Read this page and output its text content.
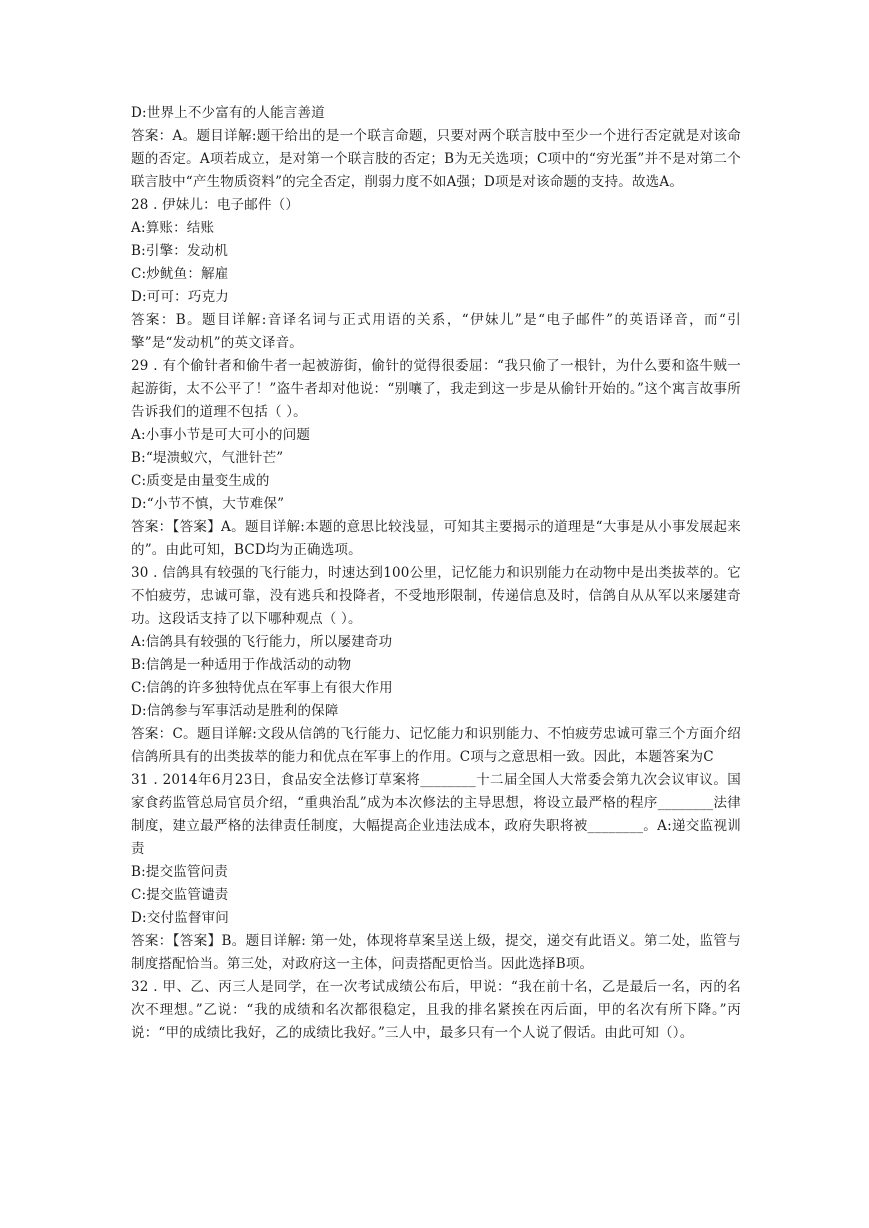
D:世界上不少富有的人能言善道

答案：A。题目详解:题干给出的是一个联言命题，只要对两个联言肢中至少一个进行否定就是对该命题的否定。A项若成立，是对第一个联言肢的否定；B为无关选项；C项中的“穷光蛋”并不是对第二个联言肢中“产生物质资料”的完全否定，削弱力度不如A强；D项是对该命题的支持。故选A。

28 . 伊妹儿：电子邮件（）

A:算账：结账

B:引擎：发动机

C:炒鱿鱼：解雇

D:可可：巧克力

答案：B。题目详解:音译名词与正式用语的关系，“伊妹儿”是“电子邮件”的英语译音，而“引擎”是“发动机”的英文译音。

29 . 有个偷针者和偷牛者一起被游街，偷针的觉得很委屈：“我只偷了一根针，为什么要和盗牛贼一起游街，太不公平了！”盗牛者却对他说：“别嚷了，我走到这一步是从偷针开始的。”这个寓言故事所告诉我们的道理不包括（ ）。

A:小事小节是可大可小的问题

B:“堤溃蚁穴，气泄针芒”

C:质变是由量变生成的

D:“小节不慎，大节难保”

答案：【答案】A。题目详解:本题的意思比较浅显，可知其主要揭示的道理是“大事是从小事发展起来的”。由此可知，BCD均为正确选项。

30 . 信鸽具有较强的飞行能力，时速达到100公里，记忆能力和识别能力在动物中是出类拔萃的。它不怕疲劳，忠诚可靠，没有逃兵和投降者，不受地形限制，传递信息及时，信鸽自从从军以来屡建奇功。这段话支持了以下哪种观点（ ）。

A:信鸽具有较强的飞行能力，所以屡建奇功

B:信鸽是一种适用于作战活动的动物

C:信鸽的许多独特优点在军事上有很大作用

D:信鸽参与军事活动是胜利的保障

答案：C。题目详解:文段从信鸽的飞行能力、记忆能力和识别能力、不怕疲劳忠诚可靠三个方面介绍信鸽所具有的出类拔萃的能力和优点在军事上的作用。C项与之意思相一致。因此，本题答案为C

31 . 2014年6月23日，食品安全法修订草案将________十二届全国人大常委会第九次会议审议。国家食药监管总局官员介绍，“重典治乱”成为本次修法的主导思想，将设立最严格的程序________法律制度，建立最严格的法律责任制度，大幅提高企业违法成本，政府失职将被________。A:递交监视训责

B:提交监管问责

C:提交监管谴责

D:交付监督审问

答案：【答案】B。题目详解: 第一处，体现将草案呈送上级，提交，递交有此语义。第二处，监管与制度搭配恰当。第三处，对政府这一主体，问责搭配更恰当。因此选择B项。

32 . 甲、乙、丙三人是同学，在一次考试成绩公布后，甲说：“我在前十名，乙是最后一名，丙的名次不理想。”乙说：“我的成绩和名次都很稳定，且我的排名紧挨在丙后面，甲的名次有所下降。”丙说：“甲的成绩比我好，乙的成绩比我好。”三人中，最多只有一个人说了假话。由此可知（）。
